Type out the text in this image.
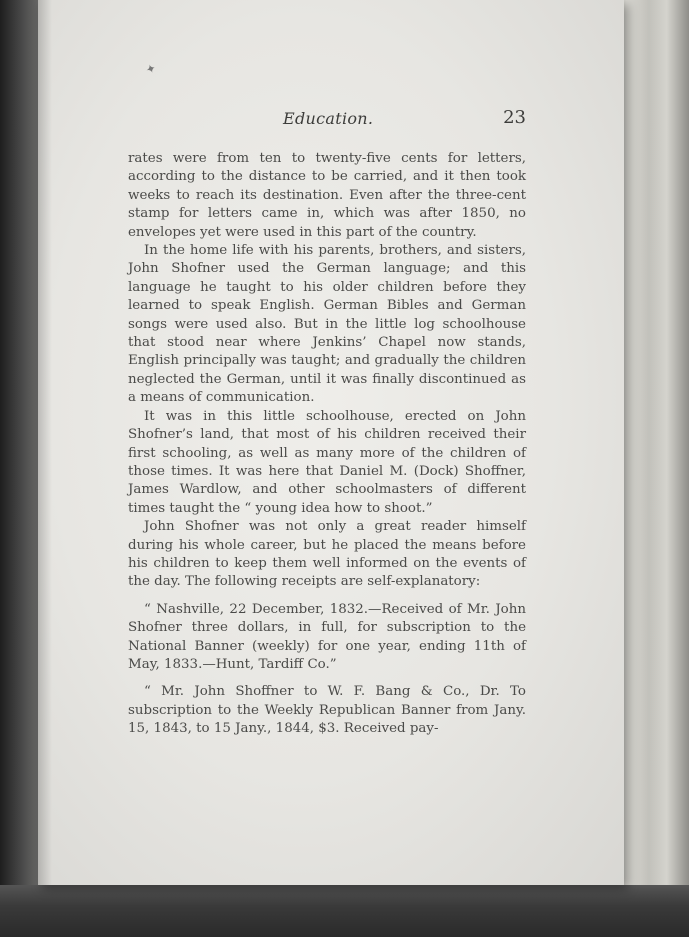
✦
Education.	23

rates were from ten to twenty-five cents for letters, according to the distance to be carried, and it then took weeks to reach its destination. Even after the three-cent stamp for letters came in, which was after 1850, no envelopes yet were used in this part of the country.

In the home life with his parents, brothers, and sisters, John Shofner used the German language; and this language he taught to his older children before they learned to speak English. German Bibles and German songs were used also. But in the little log schoolhouse that stood near where Jenkins’ Chapel now stands, English principally was taught; and gradually the children neglected the German, until it was finally discontinued as a means of communication.

It was in this little schoolhouse, erected on John Shofner’s land, that most of his children received their first schooling, as well as many more of the children of those times. It was here that Daniel M. (Dock) Shoffner, James Wardlow, and other schoolmasters of different times taught the “ young idea how to shoot.”

John Shofner was not only a great reader himself during his whole career, but he placed the means before his children to keep them well informed on the events of the day. The following receipts are self-explanatory:

“ Nashville, 22 December, 1832.—Received of Mr. John Shofner three dollars, in full, for subscription to the National Banner (weekly) for one year, ending 11th of May, 1833.—Hunt, Tardiff Co.”

“ Mr. John Shoffner to W. F. Bang & Co., Dr. To subscription to the Weekly Republican Banner from Jany. 15, 1843, to 15 Jany., 1844, $3. Received pay-
